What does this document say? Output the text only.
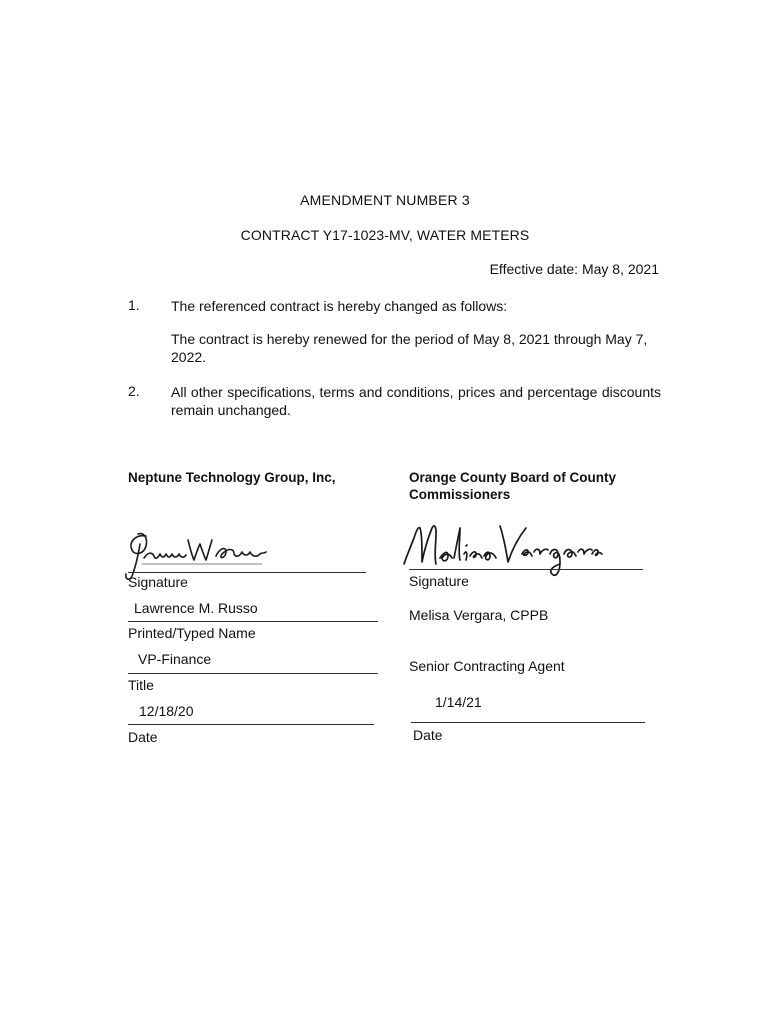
AMENDMENT NUMBER 3
CONTRACT Y17-1023-MV, WATER METERS
Effective date: May 8, 2021
1. The referenced contract is hereby changed as follows:
The contract is hereby renewed for the period of May 8, 2021 through May 7, 2022.
2. All other specifications, terms and conditions, prices and percentage discounts remain unchanged.
Neptune Technology Group, Inc,
Signature
Lawrence M. Russo
Printed/Typed Name
VP-Finance
Title
12/18/20
Date
Orange County Board of County Commissioners
Signature
Melisa Vergara, CPPB
Senior Contracting Agent
1/14/21
Date
